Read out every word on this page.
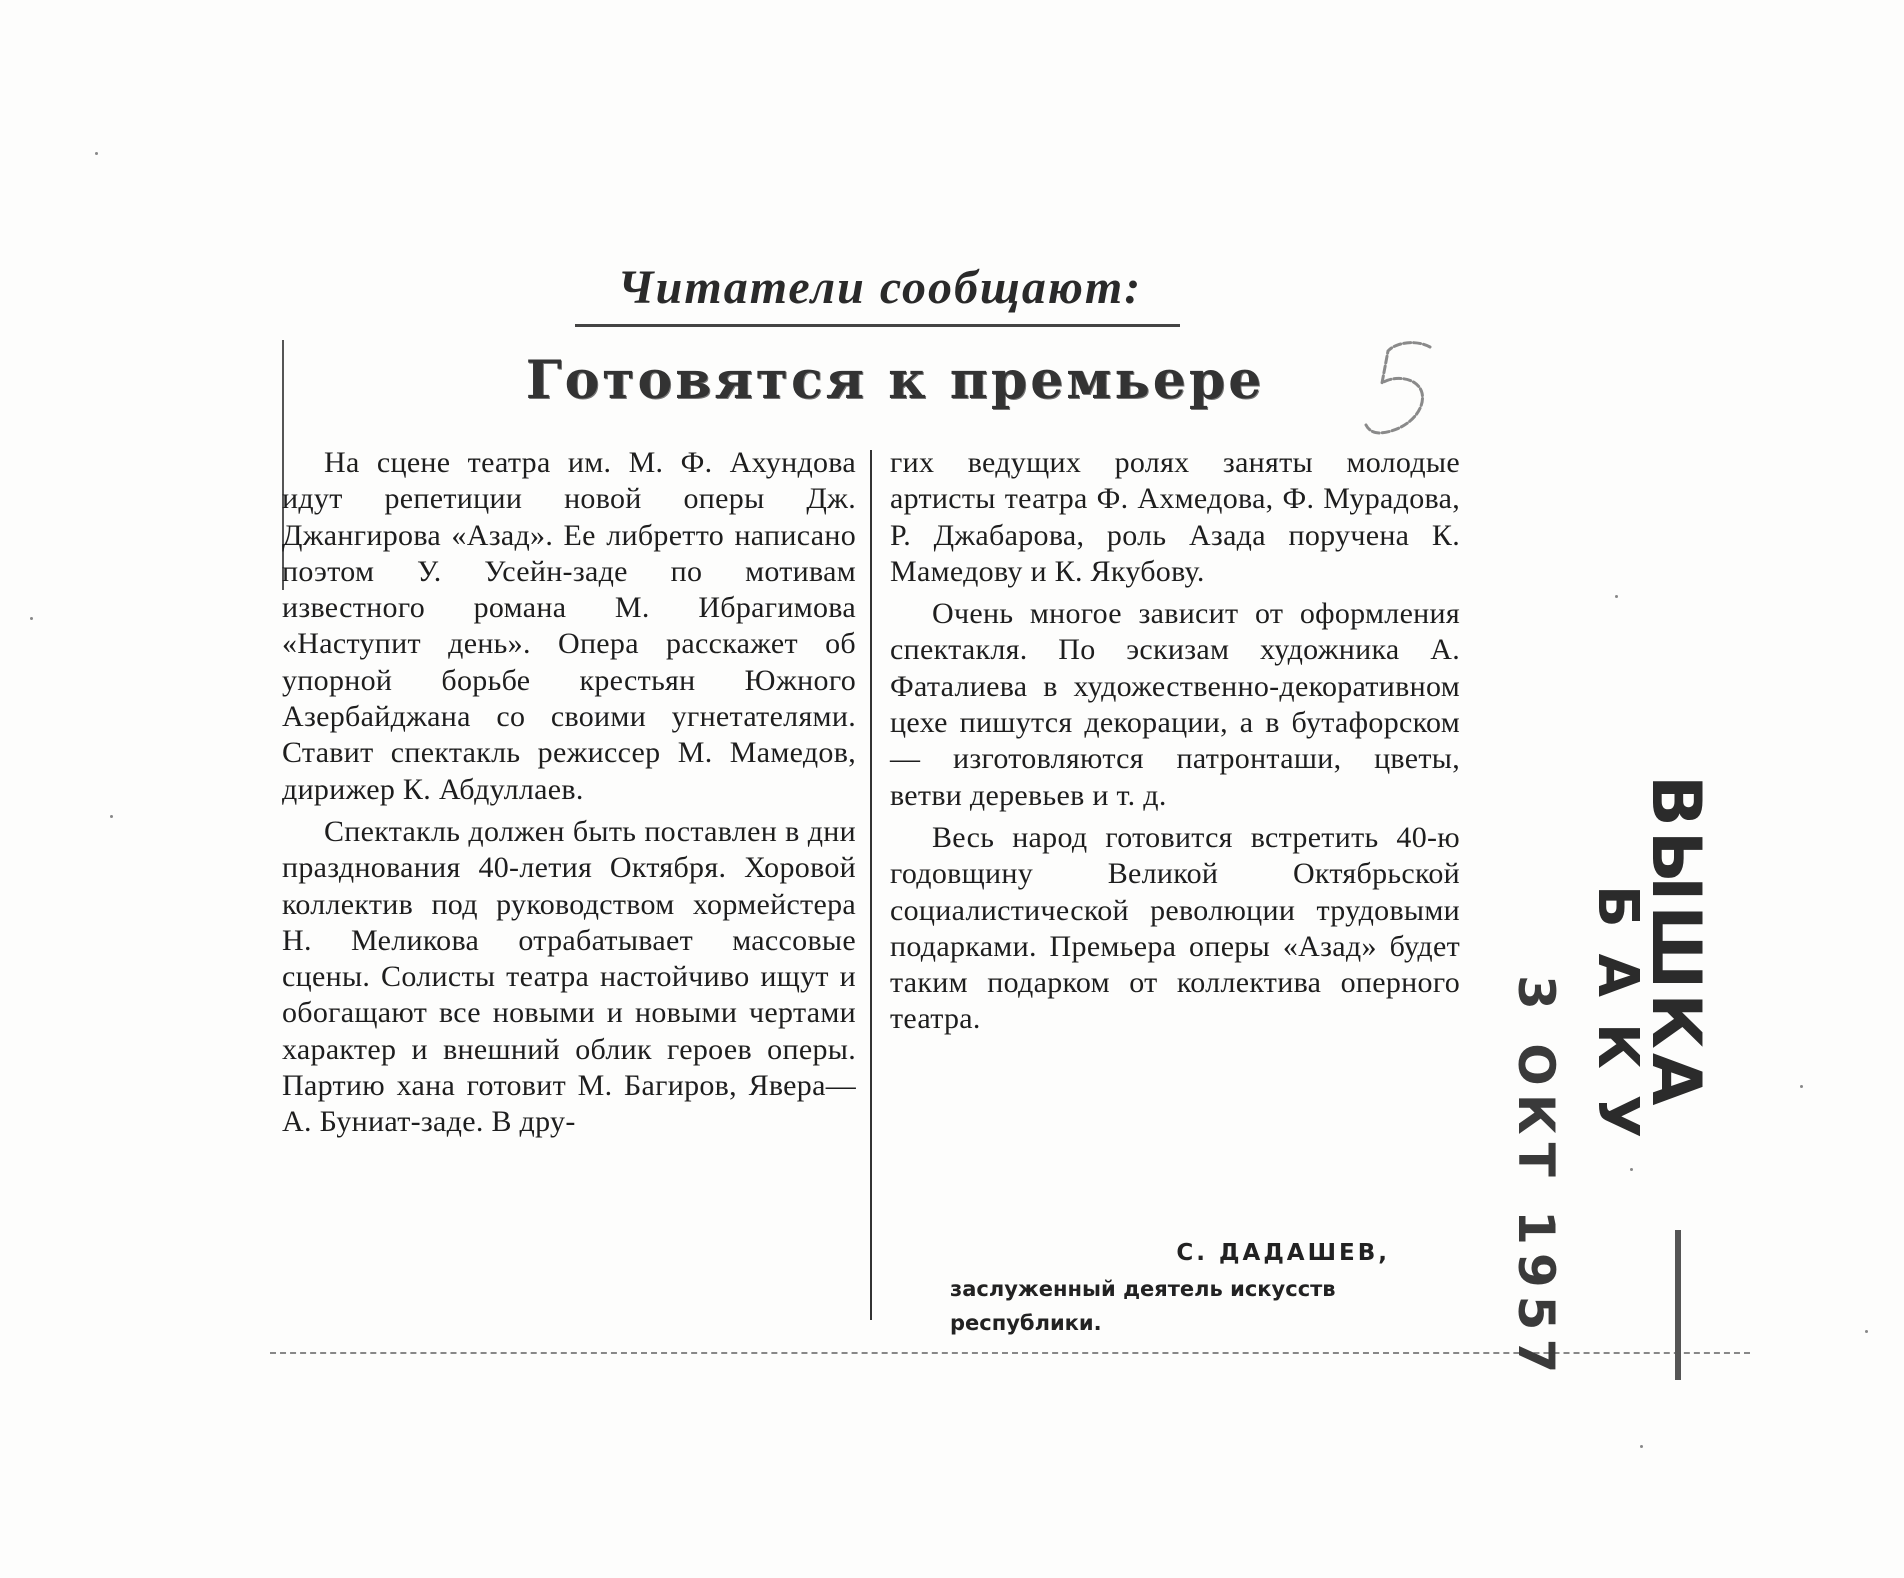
Читатели сообщают:
Готовятся к премьере

На сцене театра им. М. Ф. Ахундова идут репетиции новой оперы Дж. Джангирова «Азад». Ее либретто написано поэтом У. Усейн-заде по мотивам известного романа М. Ибрагимова «Наступит день». Опера расскажет об упорной борьбе крестьян Южного Азербайджана со своими угнетателями. Ставит спектакль режиссер М. Мамедов, дирижер К. Абдуллаев.

Спектакль должен быть поставлен в дни празднования 40-летия Октября. Хоровой коллектив под руководством хормейстера Н. Меликова отрабатывает массовые сцены. Солисты театра настойчиво ищут и обогащают все новыми и новыми чертами характер и внешний облик героев оперы. Партию хана готовит М. Багиров, Явера—А. Буниат-заде. В дру-

гих ведущих ролях заняты молодые артисты театра Ф. Ахмедова, Ф. Мурадова, Р. Джабарова, роль Азада поручена К. Мамедову и К. Якубову.

Очень многое зависит от оформления спектакля. По эскизам художника А. Фаталиева в художественно-декоративном цехе пишутся декорации, а в бутафорском — изготовляются патронташи, цветы, ветви деревьев и т. д.

Весь народ готовится встретить 40-ю годовщину Великой Октябрьской социалистической революции трудовыми подарками. Премьера оперы «Азад» будет таким подарком от коллектива оперного театра.

С. ДАДАШЕВ,
заслуженный деятель искусств
республики.
ВЫШКА
БАКУ
3 ОКТ 1957
